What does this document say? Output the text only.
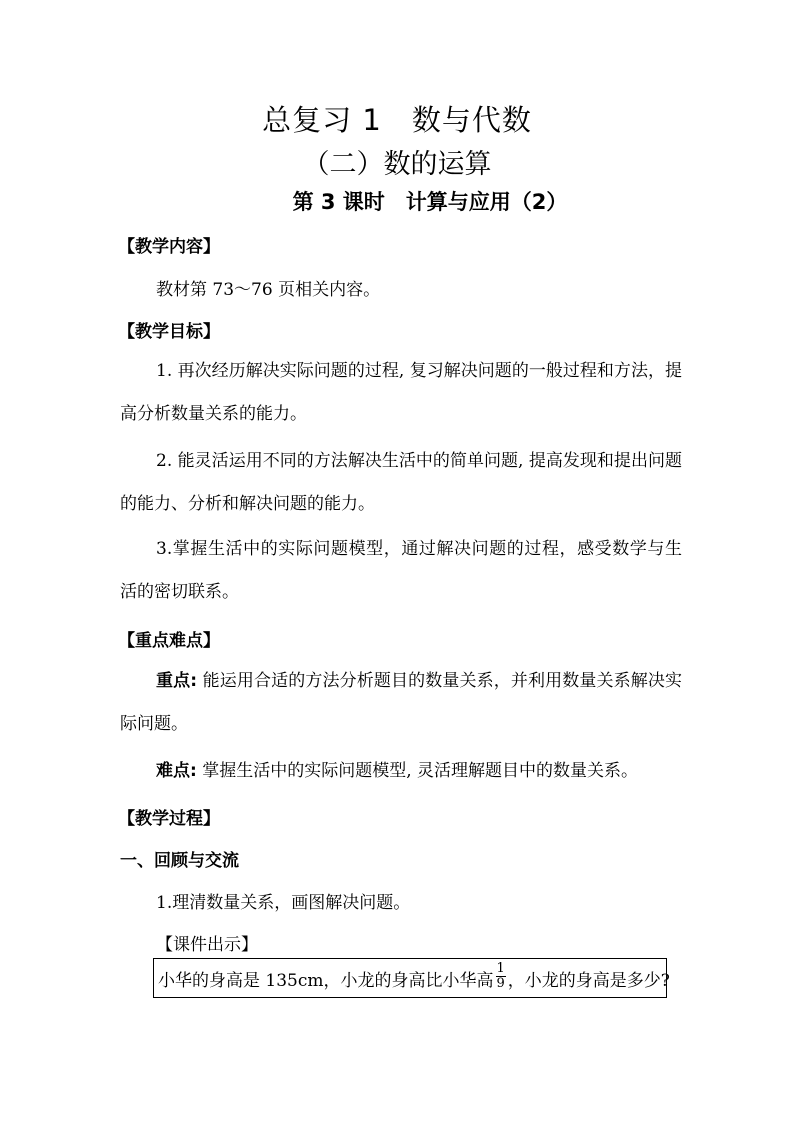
总复习 1　数与代数
（二）数的运算
第 3 课时　计算与应用（2）
【教学内容】
教材第 73～76 页相关内容。
【教学目标】
1. 再次经历解决实际问题的过程, 复习解决问题的一般过程和方法，提高分析数量关系的能力。
2. 能灵活运用不同的方法解决生活中的简单问题, 提高发现和提出问题的能力、分析和解决问题的能力。
3.掌握生活中的实际问题模型，通过解决问题的过程，感受数学与生活的密切联系。
【重点难点】
重点: 能运用合适的方法分析题目的数量关系，并利用数量关系解决实际问题。
难点: 掌握生活中的实际问题模型, 灵活理解题目中的数量关系。
【教学过程】
一、回顾与交流
1.理清数量关系，画图解决问题。
【课件出示】
小华的身高是 135cm，小龙的身高比小华高 $\frac{1}{9}$ ，小龙的身高是多少?
